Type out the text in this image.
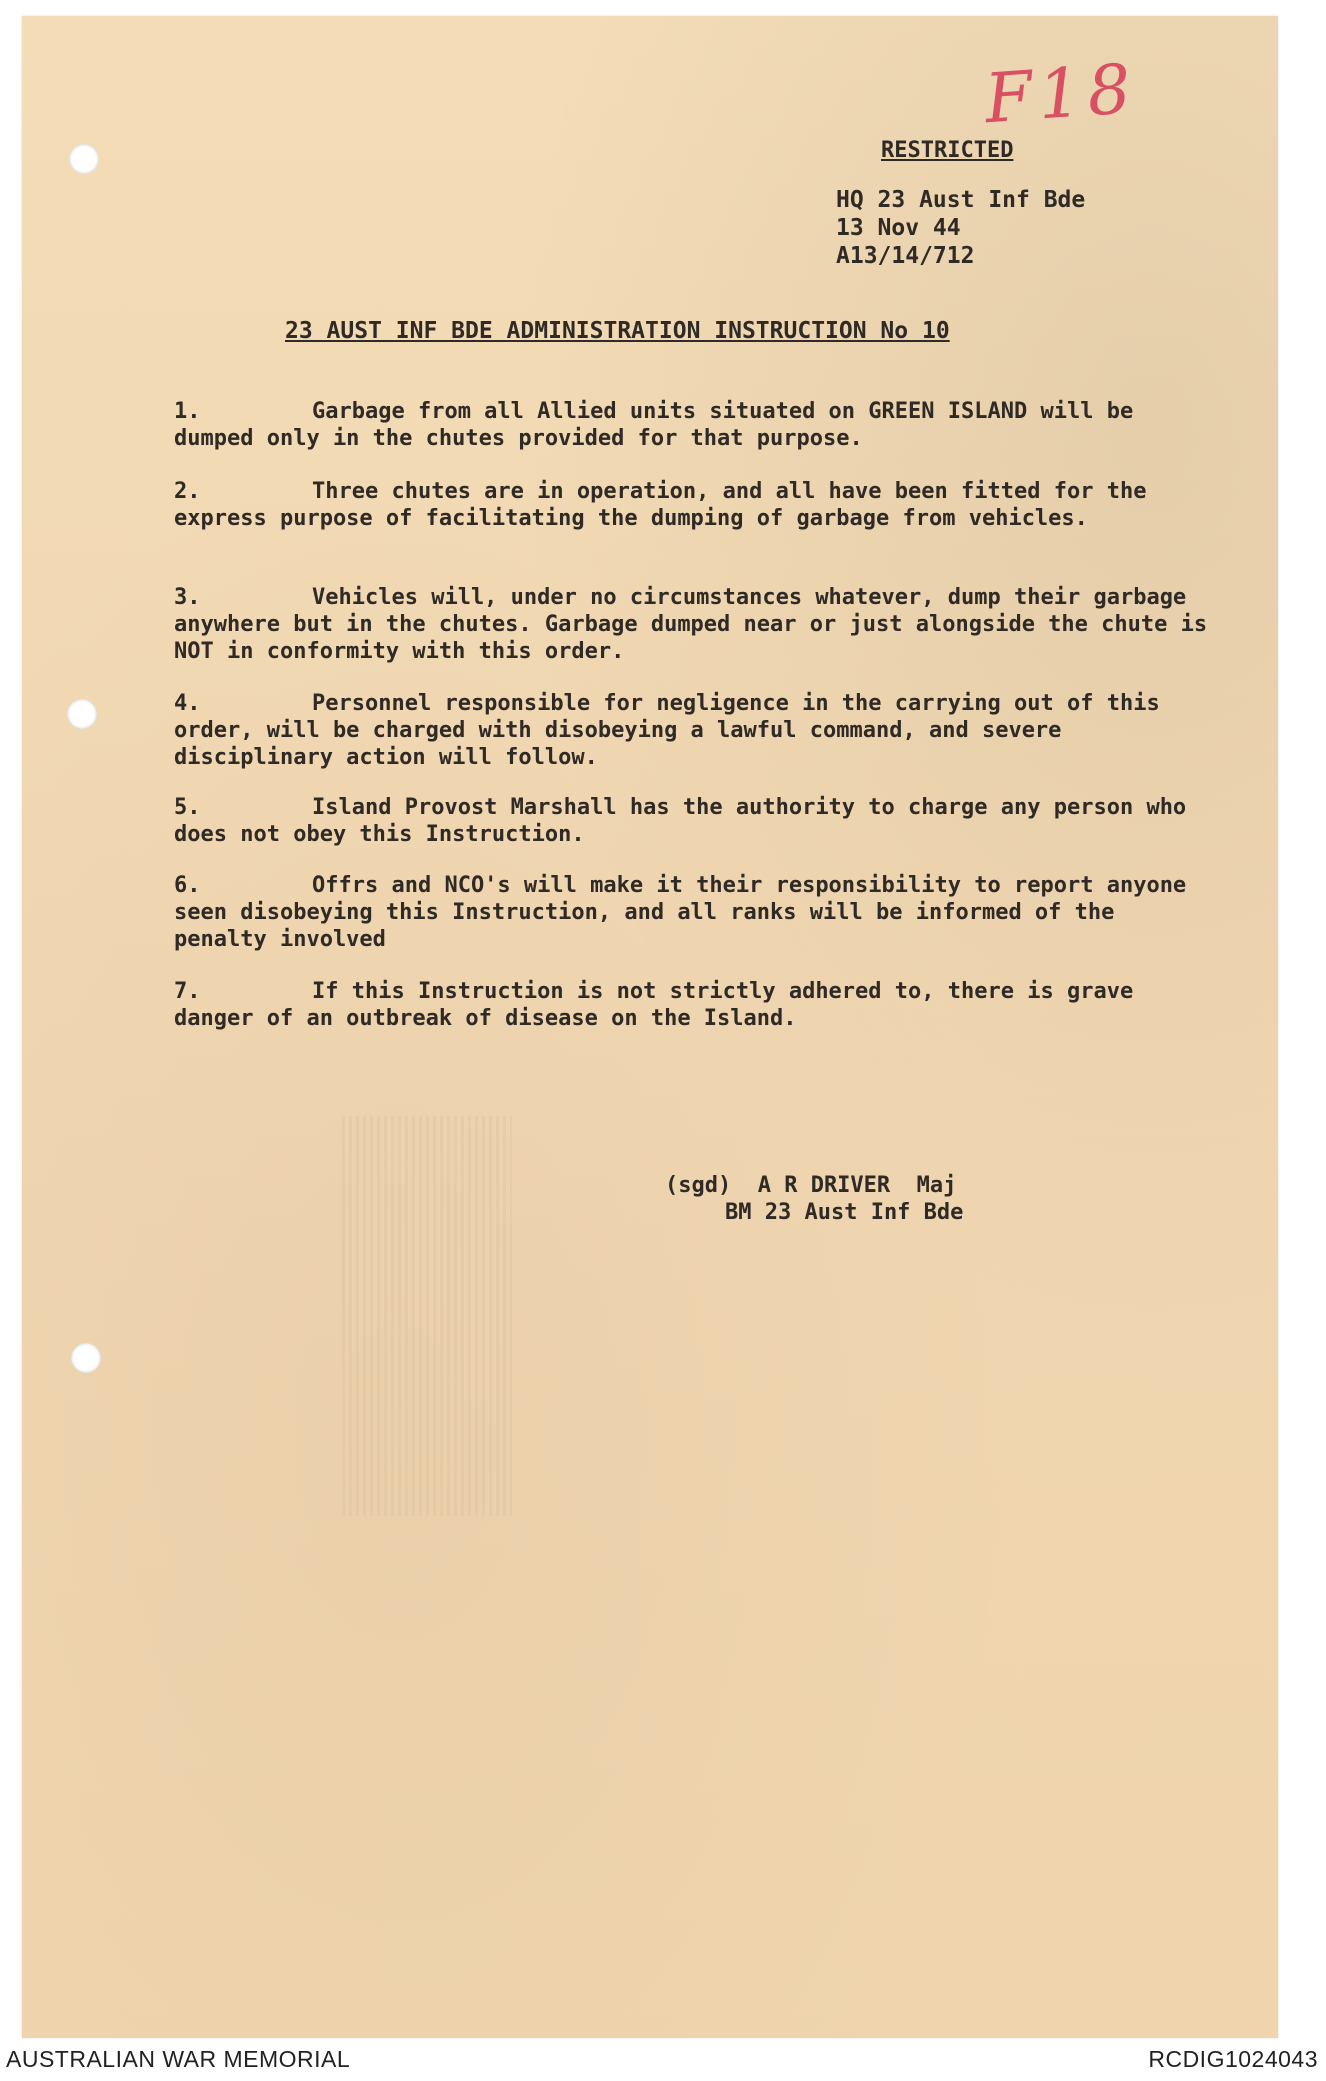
F18
RESTRICTED
HQ 23 Aust Inf Bde
13 Nov 44
A13/14/712
23 AUST INF BDE ADMINISTRATION INSTRUCTION No 10
1.	Garbage from all Allied units situated on GREEN ISLAND will be dumped only in the chutes provided for that purpose.
2.	Three chutes are in operation, and all have been fitted for the express purpose of facilitating the dumping of garbage from vehicles.
3.	Vehicles will, under no circumstances whatever, dump their garbage anywhere but in the chutes. Garbage dumped near or just alongside the chute is NOT in conformity with this order.
4.	Personnel responsible for negligence in the carrying out of this order, will be charged with disobeying a lawful command, and severe disciplinary action will follow.
5.	Island Provost Marshall has the authority to charge any person who does not obey this Instruction.
6.	Offrs and NCO's will make it their responsibility to report anyone seen disobeying this Instruction, and all ranks will be informed of the penalty involved
7.	If this Instruction is not strictly adhered to, there is grave danger of an outbreak of disease on the Island.
(sgd)  A R DRIVER  Maj
BM 23 Aust Inf Bde
AUSTRALIAN WAR MEMORIAL	RCDIG1024043
